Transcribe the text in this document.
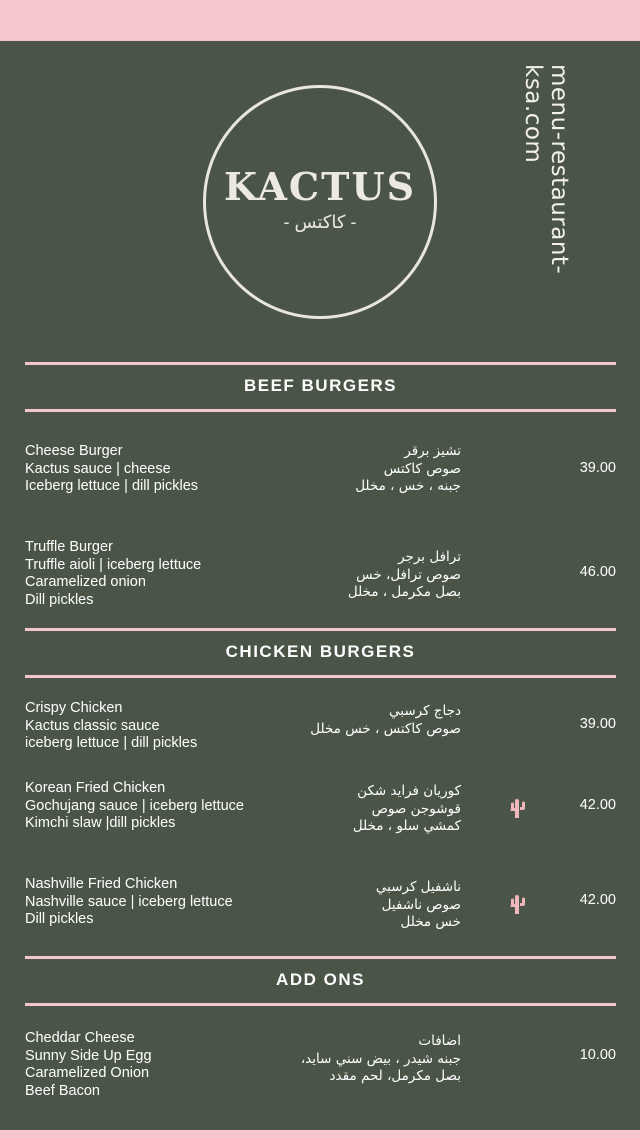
KACTUS
- كاكتس -	menu-restaurant-ksa.com
BEEF BURGERS
Cheese Burger
Kactus sauce | cheese
Iceberg lettuce | dill pickles
تشيز برقر
صوص كاكتس
جبنه ، خس ، مخلل
39.00
Truffle Burger
Truffle aioli | iceberg lettuce
Caramelized onion
Dill pickles
ترافل برجر
صوص ترافل، خس
بصل مكرمل ، مخلل
46.00
CHICKEN BURGERS
Crispy Chicken
Kactus classic sauce
iceberg lettuce | dill pickles
دجاج كرسبي
صوص كاكتس ، خس مخلل	39.00
Korean Fried Chicken
Gochujang sauce | iceberg lettuce
Kimchi slaw |dill pickles
كوريان فرايد شكن
قوشوجن صوص
كمشي سلو ، مخلل
42.00
Nashville Fried Chicken
Nashville sauce | iceberg lettuce
Dill pickles
ناشفيل كرسبي
صوص ناشفيل
خس مخلل
42.00
ADD ONS
Cheddar Cheese
Sunny Side Up Egg
Caramelized Onion
Beef Bacon
اضافات
جبنه شيدر ، بيض سني سايد،
بصل مكرمل، لحم مقدد
10.00
